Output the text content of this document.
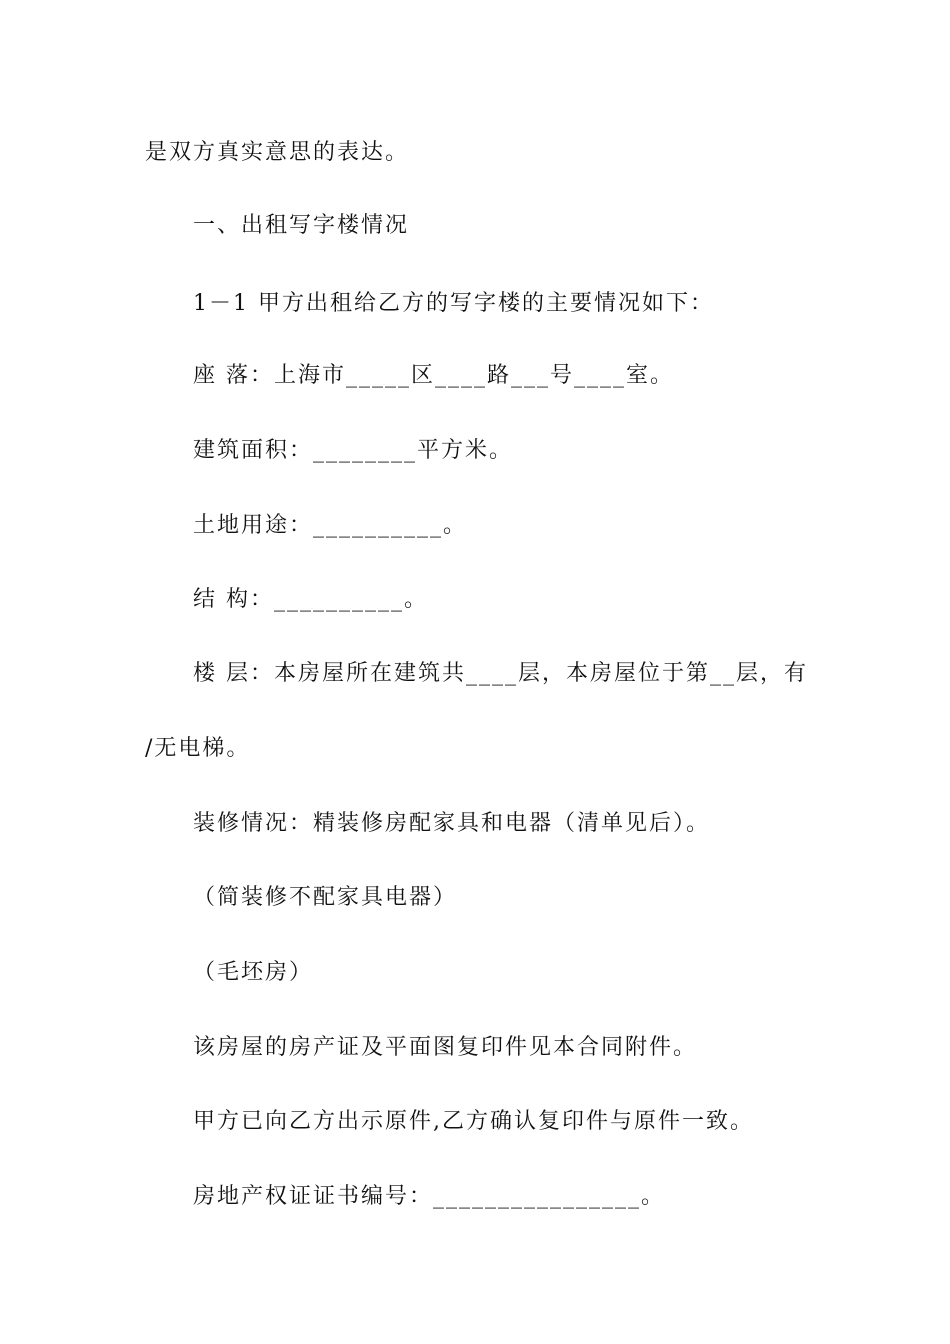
是双方真实意思的表达。
一、出租写字楼情况
1－1 甲方出租给乙方的写字楼的主要情况如下：
座 落：上海市_____区____路___号____室。
建筑面积：________平方米。
土地用途：__________。
结 构：__________。
楼 层：本房屋所在建筑共____层，本房屋位于第__层，有
/无电梯。
装修情况：精装修房配家具和电器（清单见后）。
（简装修不配家具电器）
（毛坯房）
该房屋的房产证及平面图复印件见本合同附件。
甲方已向乙方出示原件,乙方确认复印件与原件一致。
房地产权证证书编号：________________。
